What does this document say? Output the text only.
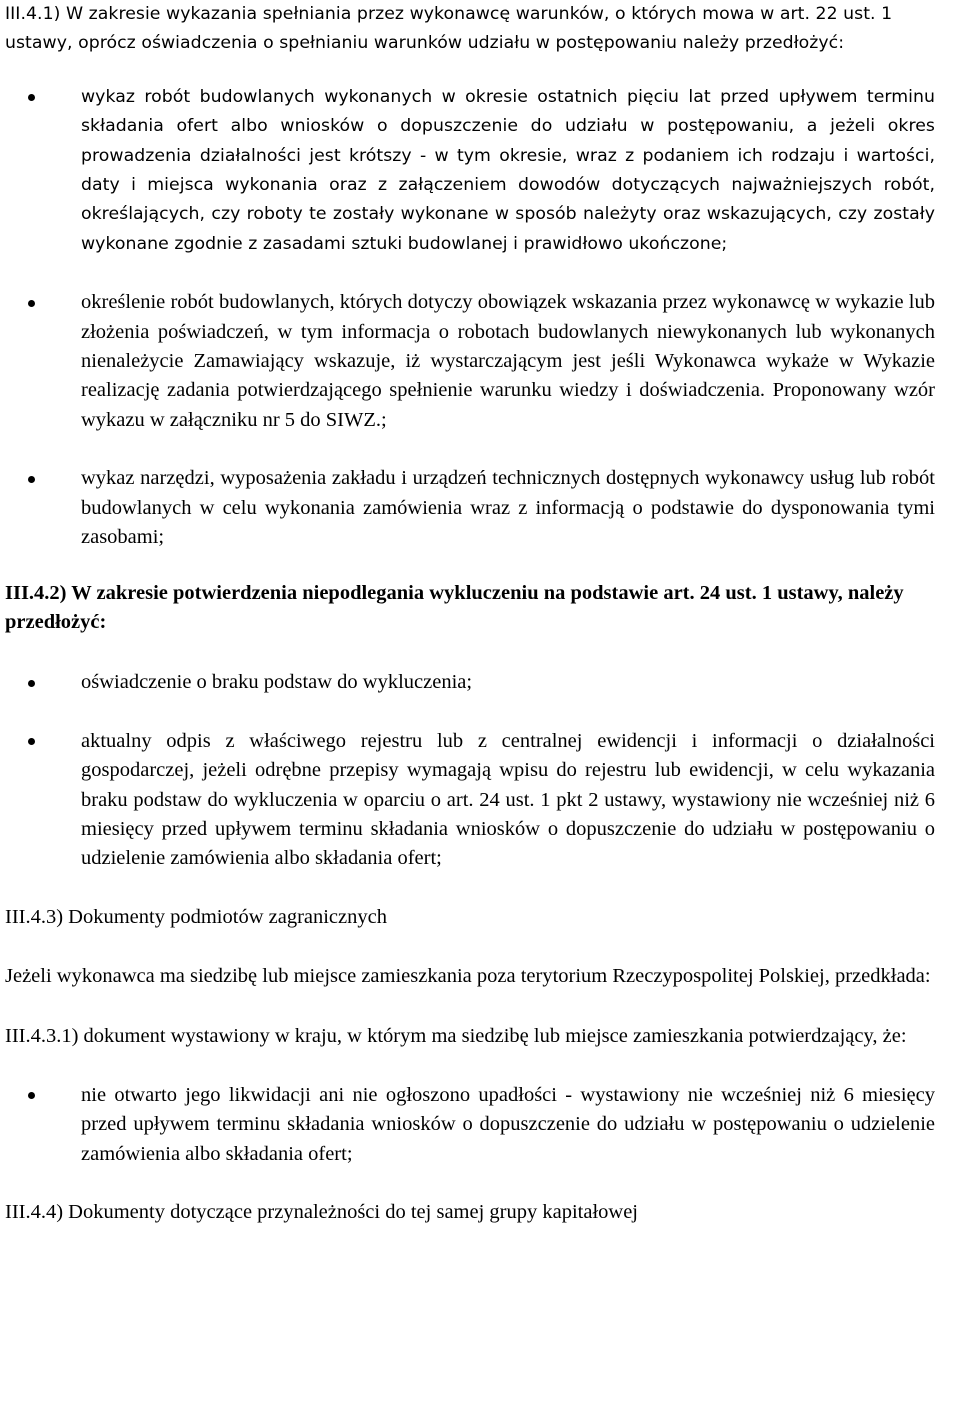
III.4.1) W zakresie wykazania spełniania przez wykonawcę warunków, o których mowa w art. 22 ust. 1 ustawy, oprócz oświadczenia o spełnianiu warunków udziału w postępowaniu należy przedłożyć:

wykaz robót budowlanych wykonanych w okresie ostatnich pięciu lat przed upływem terminu składania ofert albo wniosków o dopuszczenie do udziału w postępowaniu, a jeżeli okres prowadzenia działalności jest krótszy - w tym okresie, wraz z podaniem ich rodzaju i wartości, daty i miejsca wykonania oraz z załączeniem dowodów dotyczących najważniejszych robót, określających, czy roboty te zostały wykonane w sposób należyty oraz wskazujących, czy zostały wykonane zgodnie z zasadami sztuki budowlanej i prawidłowo ukończone;
określenie robót budowlanych, których dotyczy obowiązek wskazania przez wykonawcę w wykazie lub złożenia poświadczeń, w tym informacja o robotach budowlanych niewykonanych lub wykonanych nienależycie Zamawiający wskazuje, iż wystarczającym jest jeśli Wykonawca wykaże w Wykazie realizację zadania potwierdzającego spełnienie warunku wiedzy i doświadczenia. Proponowany wzór wykazu w załączniku nr 5 do SIWZ.;
wykaz narzędzi, wyposażenia zakładu i urządzeń technicznych dostępnych wykonawcy usług lub robót budowlanych w celu wykonania zamówienia wraz z informacją o podstawie do dysponowania tymi zasobami;

III.4.2) W zakresie potwierdzenia niepodlegania wykluczeniu na podstawie art. 24 ust. 1 ustawy, należy przedłożyć:

oświadczenie o braku podstaw do wykluczenia;
aktualny odpis z właściwego rejestru lub z centralnej ewidencji i informacji o działalności gospodarczej, jeżeli odrębne przepisy wymagają wpisu do rejestru lub ewidencji, w celu wykazania braku podstaw do wykluczenia w oparciu o art. 24 ust. 1 pkt 2 ustawy, wystawiony nie wcześniej niż 6 miesięcy przed upływem terminu składania wniosków o dopuszczenie do udziału w postępowaniu o udzielenie zamówienia albo składania ofert;

III.4.3) Dokumenty podmiotów zagranicznych

Jeżeli wykonawca ma siedzibę lub miejsce zamieszkania poza terytorium Rzeczypospolitej Polskiej, przedkłada:

III.4.3.1) dokument wystawiony w kraju, w którym ma siedzibę lub miejsce zamieszkania potwierdzający, że:

nie otwarto jego likwidacji ani nie ogłoszono upadłości - wystawiony nie wcześniej niż 6 miesięcy przed upływem terminu składania wniosków o dopuszczenie do udziału w postępowaniu o udzielenie zamówienia albo składania ofert;

III.4.4) Dokumenty dotyczące przynależności do tej samej grupy kapitałowej
